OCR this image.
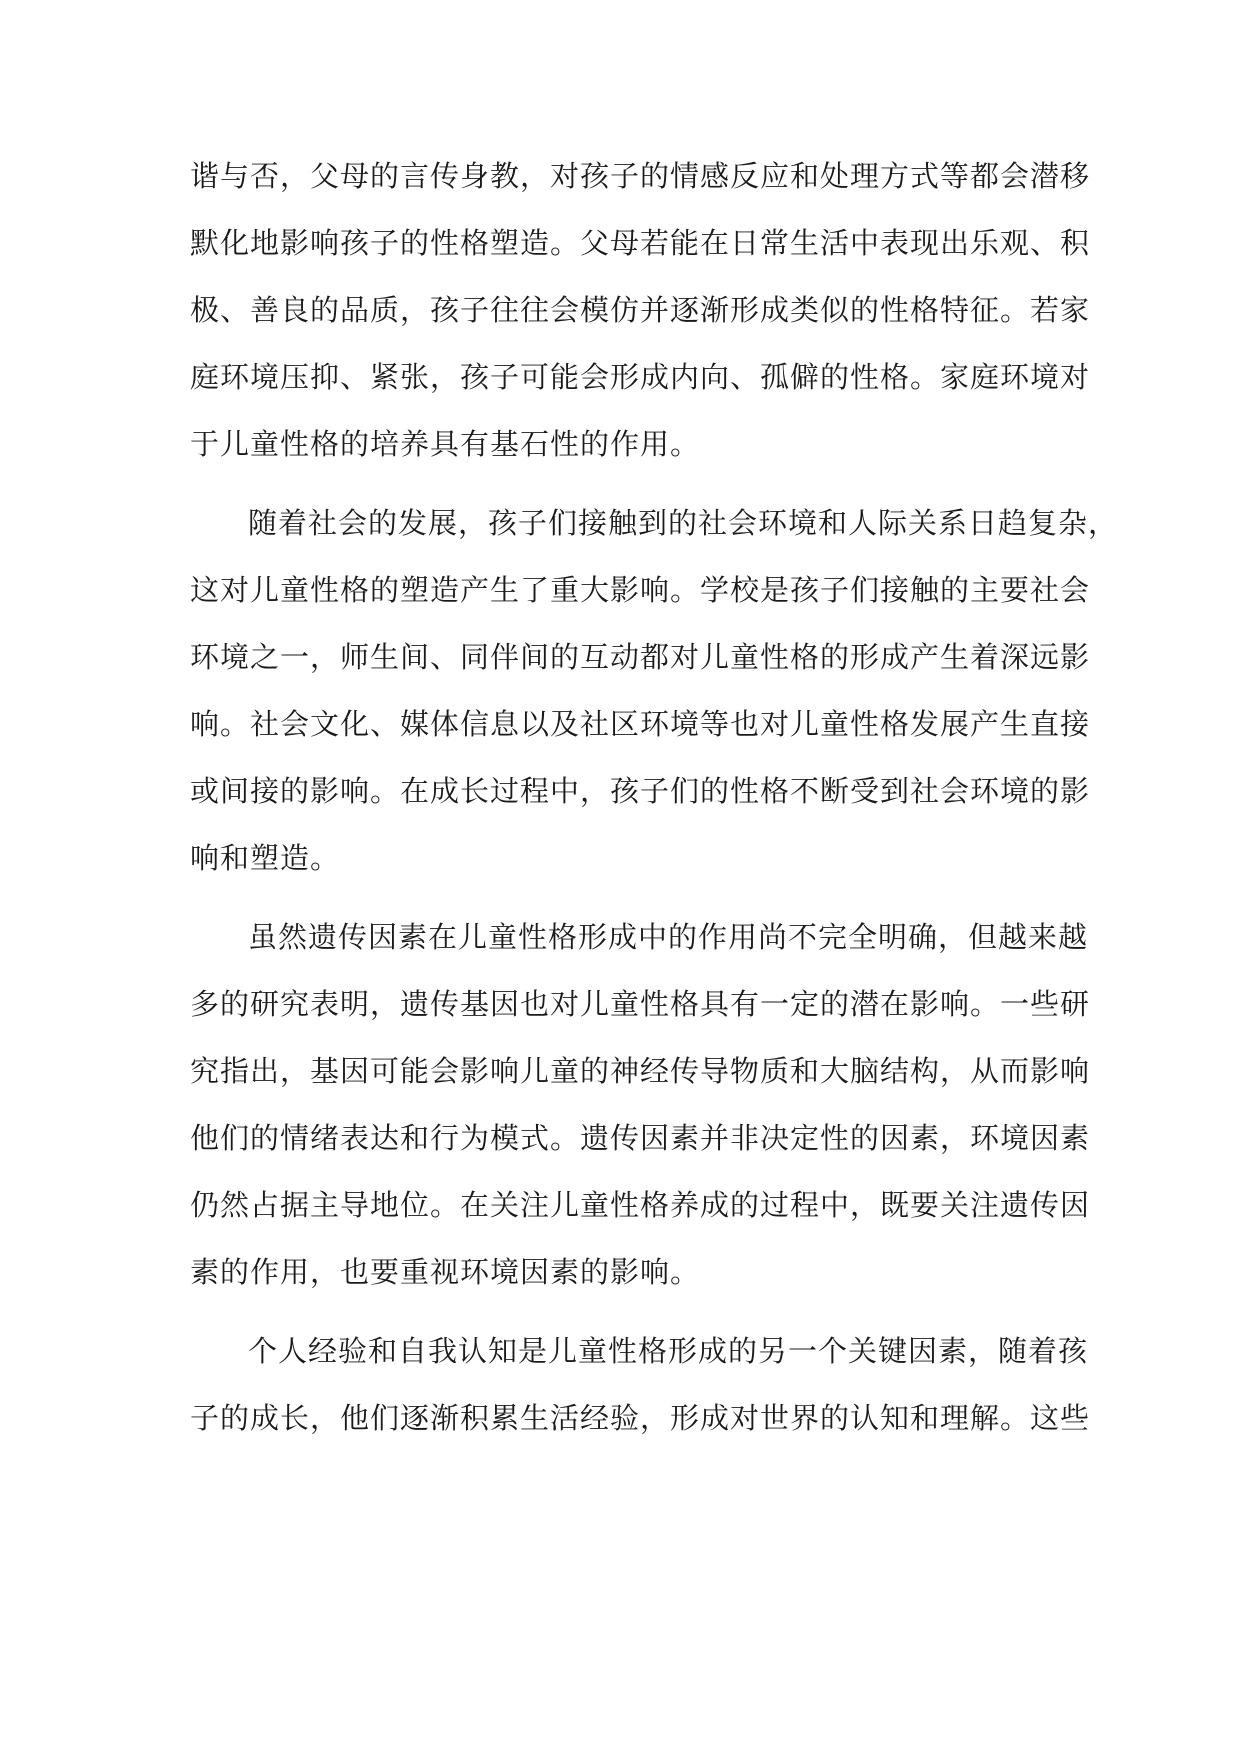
谐与否，父母的言传身教，对孩子的情感反应和处理方式等都会潜移
默化地影响孩子的性格塑造。父母若能在日常生活中表现出乐观、积
极、善良的品质，孩子往往会模仿并逐渐形成类似的性格特征。若家
庭环境压抑、紧张，孩子可能会形成内向、孤僻的性格。家庭环境对
于儿童性格的培养具有基石性的作用。
随着社会的发展，孩子们接触到的社会环境和人际关系日趋复杂，
这对儿童性格的塑造产生了重大影响。学校是孩子们接触的主要社会
环境之一，师生间、同伴间的互动都对儿童性格的形成产生着深远影
响。社会文化、媒体信息以及社区环境等也对儿童性格发展产生直接
或间接的影响。在成长过程中，孩子们的性格不断受到社会环境的影
响和塑造。
虽然遗传因素在儿童性格形成中的作用尚不完全明确，但越来越
多的研究表明，遗传基因也对儿童性格具有一定的潜在影响。一些研
究指出，基因可能会影响儿童的神经传导物质和大脑结构，从而影响
他们的情绪表达和行为模式。遗传因素并非决定性的因素，环境因素
仍然占据主导地位。在关注儿童性格养成的过程中，既要关注遗传因
素的作用，也要重视环境因素的影响。
个人经验和自我认知是儿童性格形成的另一个关键因素，随着孩
子的成长，他们逐渐积累生活经验，形成对世界的认知和理解。这些
